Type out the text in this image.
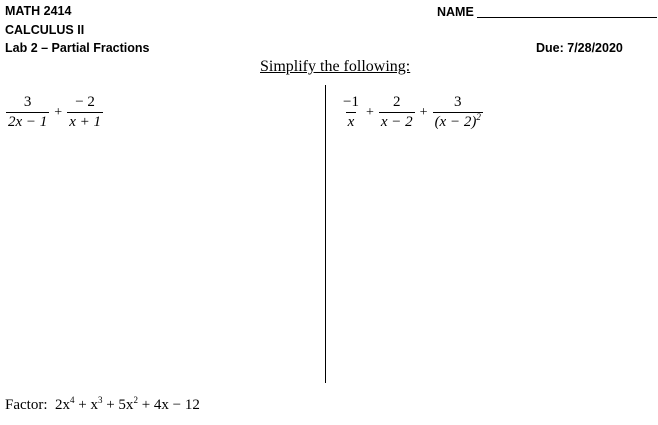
MATH 2414
CALCULUS II
Lab 2 – Partial Fractions
NAME
Due: 7/28/2020
Simplify the following:
$\frac{3}{2x - 1} + \frac{- 2}{x + 1}$	$\frac{-1}{x} + \frac{2}{x - 2} + \frac{3}{(x - 2)^2}$
Factor: $2x^4 + x^3 + 5x^2 + 4x - 12$
